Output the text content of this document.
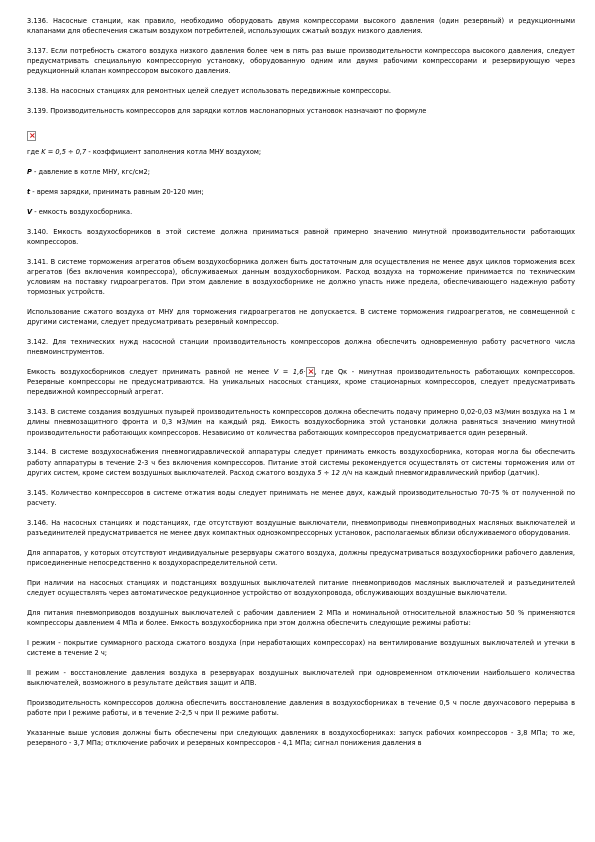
3.136. Насосные станции, как правило, необходимо оборудовать двумя компрессорами высокого давления (один резервный) и редукционными клапанами для обеспечения сжатым воздухом потребителей, использующих сжатый воздух низкого давления.

3.137. Если потребность сжатого воздуха низкого давления более чем в пять раз выше производительности компрессора высокого давления, следует предусматривать специальную компрессорную установку, оборудованную одним или двумя рабочими компрессорами и резервирующую через редукционный клапан компрессором высокого давления.

3.138. На насосных станциях для ремонтных целей следует использовать передвижные компрессоры.

3.139. Производительность компрессоров для зарядки котлов маслонапорных установок назначают по формуле

×

где K = 0,5 ÷ 0,7 - коэффициент заполнения котла МНУ воздухом;

P - давление в котле МНУ, кгс/см2;

t - время зарядки, принимать равным 20-120 мин;

V - емкость воздухосборника.

3.140. Емкость воздухосборников в этой системе должна приниматься равной примерно значению минутной производительности работающих компрессоров.

3.141. В системе торможения агрегатов объем воздухосборника должен быть достаточным для осуществления не менее двух циклов торможения всех агрегатов (без включения компрессора), обслуживаемых данным воздухосборником. Расход воздуха на торможение принимается по техническим условиям на поставку гидроагрегатов. При этом давление в воздухосборнике не должно упасть ниже предела, обеспечивающего надежную работу тормозных устройств.

Использование сжатого воздуха от МНУ для торможения гидроагрегатов не допускается. В системе торможения гидроагрегатов, не совмещенной с другими системами, следует предусматривать резервный компрессор.

3.142. Для технических нужд насосной станции производительность компрессоров должна обеспечить одновременную работу расчетного числа пневмоинструментов.

Емкость воздухосборников следует принимать равной не менее V = 1,6·× , где Qк - минутная производительность работающих компрессоров. Резервные компрессоры не предусматриваются. На уникальных насосных станциях, кроме стационарных компрессоров, следует предусматривать передвижной компрессорный агрегат.

3.143. В системе создания воздушных пузырей производительность компрессоров должна обеспечить подачу примерно 0,02-0,03 м3/мин воздуха на 1 м длины пневмозащитного фронта и 0,3 м3/мин на каждый ряд. Емкость воздухосборника этой установки должна равняться значению минутной производительности работающих компрессоров. Независимо от количества работающих компрессоров предусматривается один резервный.

3.144. В системе воздухоснабжения пневмогидравлической аппаратуры следует принимать емкость воздухосборника, которая могла бы обеспечить работу аппаратуры в течение 2-3 ч без включения компрессоров. Питание этой системы рекомендуется осуществлять от системы торможения или от других систем, кроме систем воздушных выключателей. Расход сжатого воздуха 5 ÷ 12 л/ч на каждый пневмогидравлический прибор (датчик).

3.145. Количество компрессоров в системе отжатия воды следует принимать не менее двух, каждый производительностью 70-75 % от полученной по расчету.

3.146. На насосных станциях и подстанциях, где отсутствуют воздушные выключатели, пневмоприводы пневмоприводных масляных выключателей и разъединителей предусматривается не менее двух компактных одноэкомпрессорных установок, располагаемых вблизи обслуживаемого оборудования.

Для аппаратов, у которых отсутствуют индивидуальные резервуары сжатого воздуха, должны предусматриваться воздухосборники рабочего давления, присоединенные непосредственно к воздухораспределительной сети.

При наличии на насосных станциях и подстанциях воздушных выключателей питание пневмоприводов масляных выключателей и разъединителей следует осуществлять через автоматическое редукционное устройство от воздухопровода, обслуживающих воздушные выключатели.

Для питания пневмоприводов воздушных выключателей с рабочим давлением 2 МПа и номинальной относительной влажностью 50 % применяются компрессоры давлением 4 МПа и более. Емкость воздухосборника при этом должна обеспечить следующие режимы работы:

I режим - покрытие суммарного расхода сжатого воздуха (при неработающих компрессорах) на вентилирование воздушных выключателей и утечки в системе в течение 2 ч;

II режим - восстановление давления воздуха в резервуарах воздушных выключателей при одновременном отключении наибольшего количества выключателей, возможного в результате действия защит и АПВ.

Производительность компрессоров должна обеспечить восстановление давления в воздухосборниках в течение 0,5 ч после двухчасового перерыва в работе при I режиме работы, и в течение 2-2,5 ч при II режиме работы.

Указанные выше условия должны быть обеспечены при следующих давлениях в воздухосборниках: запуск рабочих компрессоров - 3,8 МПа; то же, резервного - 3,7 МПа; отключение рабочих и резервных компрессоров - 4,1 МПа; сигнал понижения давления в
